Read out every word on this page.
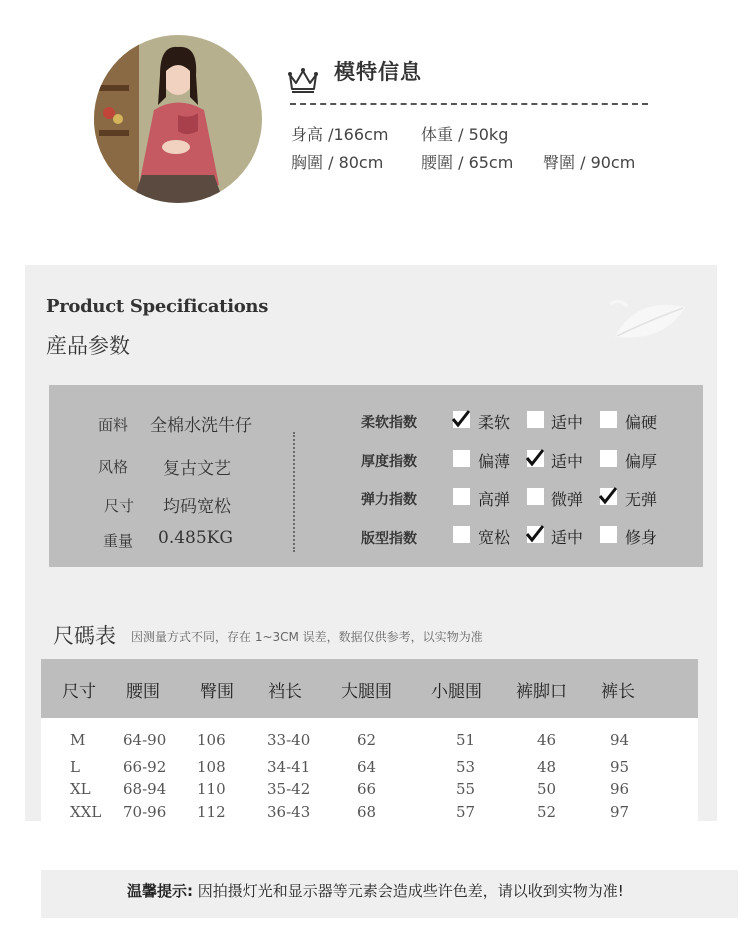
模特信息
身高 /166cm 体重 / 50kg
胸圍 / 80cm 腰圍 / 65cm 臀圍 / 90cm
Product Specifications
産品参数
面料 全棉水洗牛仔
风格 复古文艺
尺寸 均码宽松
重量 0.485KG
柔软指数	柔软	适中	偏硬
厚度指数	偏薄	适中	偏厚
弹力指数	高弹	微弹	无弹
版型指数	宽松	适中	修身
尺碼表 因测量方式不同，存在 1~3CM 误差，数据仅供参考，以实物为准
尺寸 腰围 臀围 裆长 大腿围 小腿围 裤脚口 裤长
M	64-90 106	33-40	62	51	46	94
L	66-92 108	34-41	64	53	48	95
XL 68-94 110	35-42	66	55	50	96
XXL 70-96 112	36-43	68	57	52	97
温馨提示: 因拍摄灯光和显示器等元素会造成些许色差，请以收到实物为准!
